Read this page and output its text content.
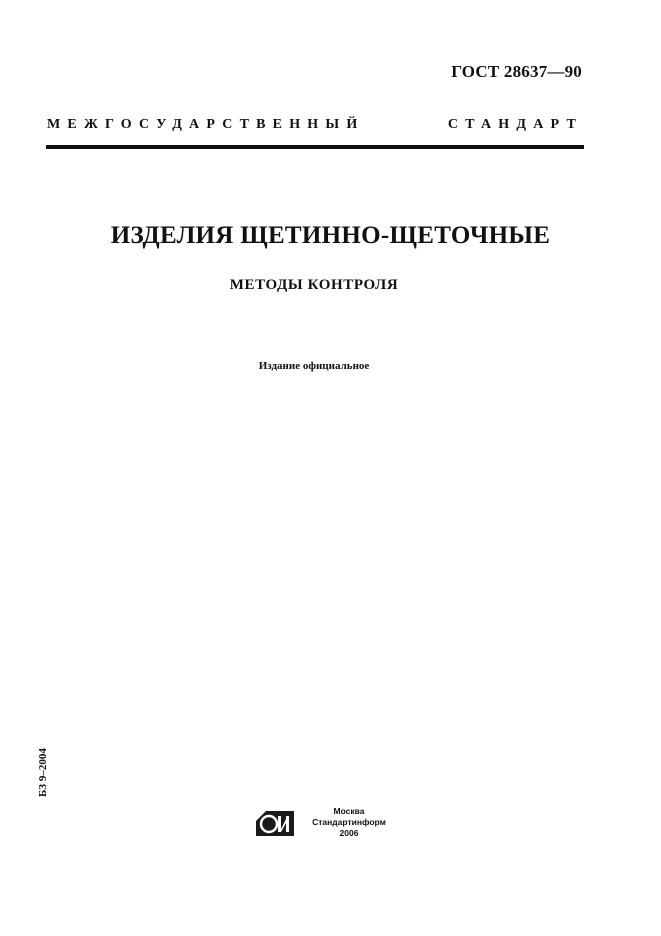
ГОСТ 28637—90
МЕЖГОСУДАРСТВЕННЫЙ СТАНДАРТ
ИЗДЕЛИЯ ЩЕТИННО-ЩЕТОЧНЫЕ
МЕТОДЫ КОНТРОЛЯ
Издание официальное
БЗ 9–2004
Москва
Стандартинформ
2006
